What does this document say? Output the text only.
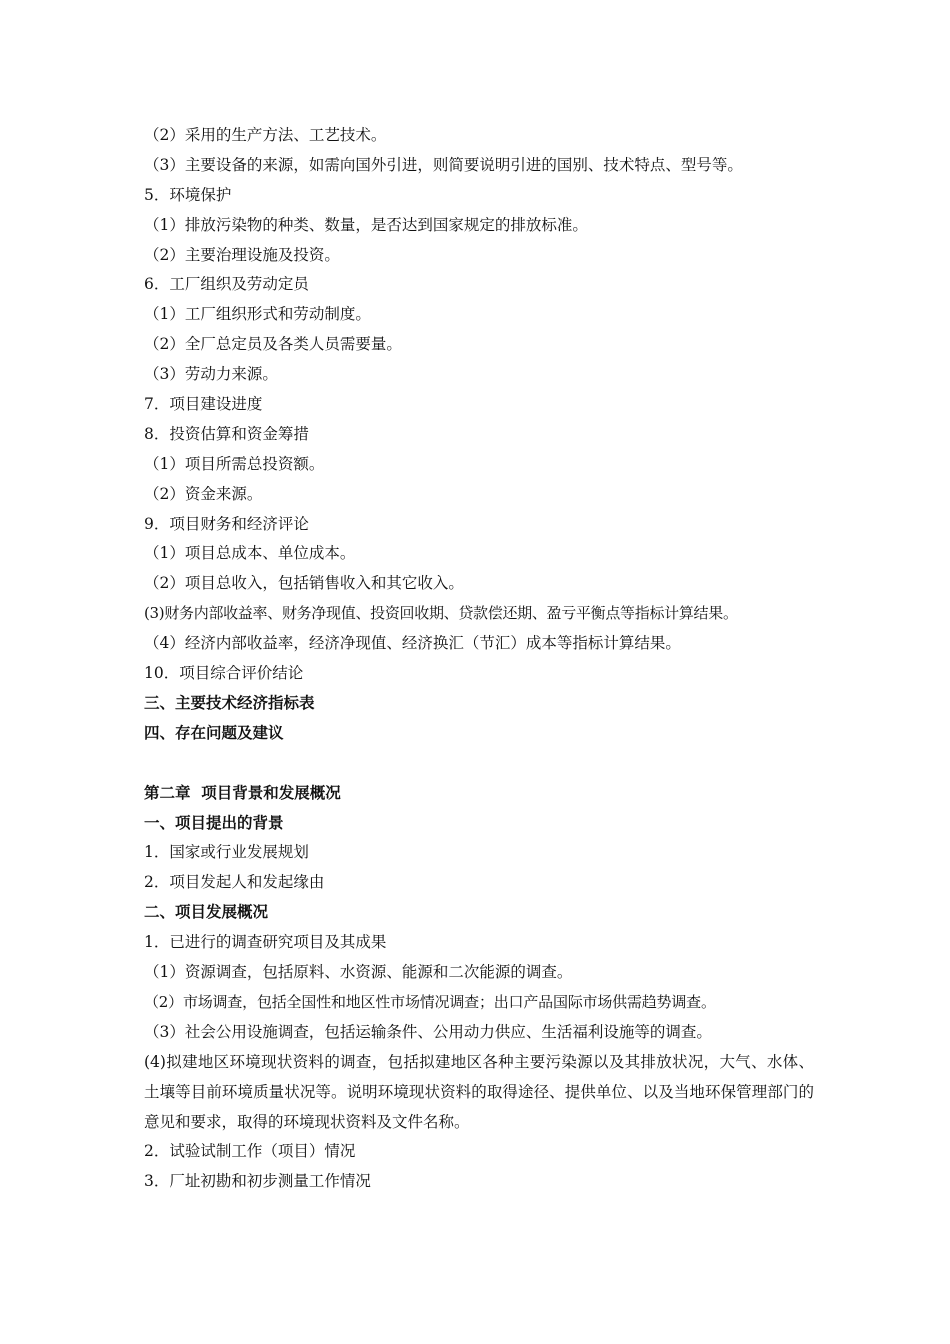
（2）采用的生产方法、工艺技术。
（3）主要设备的来源，如需向国外引进，则简要说明引进的国别、技术特点、型号等。
5．环境保护
（1）排放污染物的种类、数量，是否达到国家规定的排放标准。
（2）主要治理设施及投资。
6．工厂组织及劳动定员
（1）工厂组织形式和劳动制度。
（2）全厂总定员及各类人员需要量。
（3）劳动力来源。
7．项目建设进度
8．投资估算和资金筹措
（1）项目所需总投资额。
（2）资金来源。
9．项目财务和经济评论
（1）项目总成本、单位成本。
（2）项目总收入，包括销售收入和其它收入。
(3)财务内部收益率、财务净现值、投资回收期、贷款偿还期、盈亏平衡点等指标计算结果。
（4）经济内部收益率，经济净现值、经济换汇（节汇）成本等指标计算结果。
10．项目综合评价结论
三、主要技术经济指标表
四、存在问题及建议
第二章  项目背景和发展概况
一、项目提出的背景
1．国家或行业发展规划
2．项目发起人和发起缘由
二、项目发展概况
1．已进行的调查研究项目及其成果
（1）资源调查，包括原料、水资源、能源和二次能源的调查。
（2）市场调查，包括全国性和地区性市场情况调查；出口产品国际市场供需趋势调查。
（3）社会公用设施调查，包括运输条件、公用动力供应、生活福利设施等的调查。
(4)拟建地区环境现状资料的调查，包括拟建地区各种主要污染源以及其排放状况，大气、水体、土壤等目前环境质量状况等。说明环境现状资料的取得途径、提供单位、以及当地环保管理部门的意见和要求，取得的环境现状资料及文件名称。
2．试验试制工作（项目）情况
3．厂址初勘和初步测量工作情况
